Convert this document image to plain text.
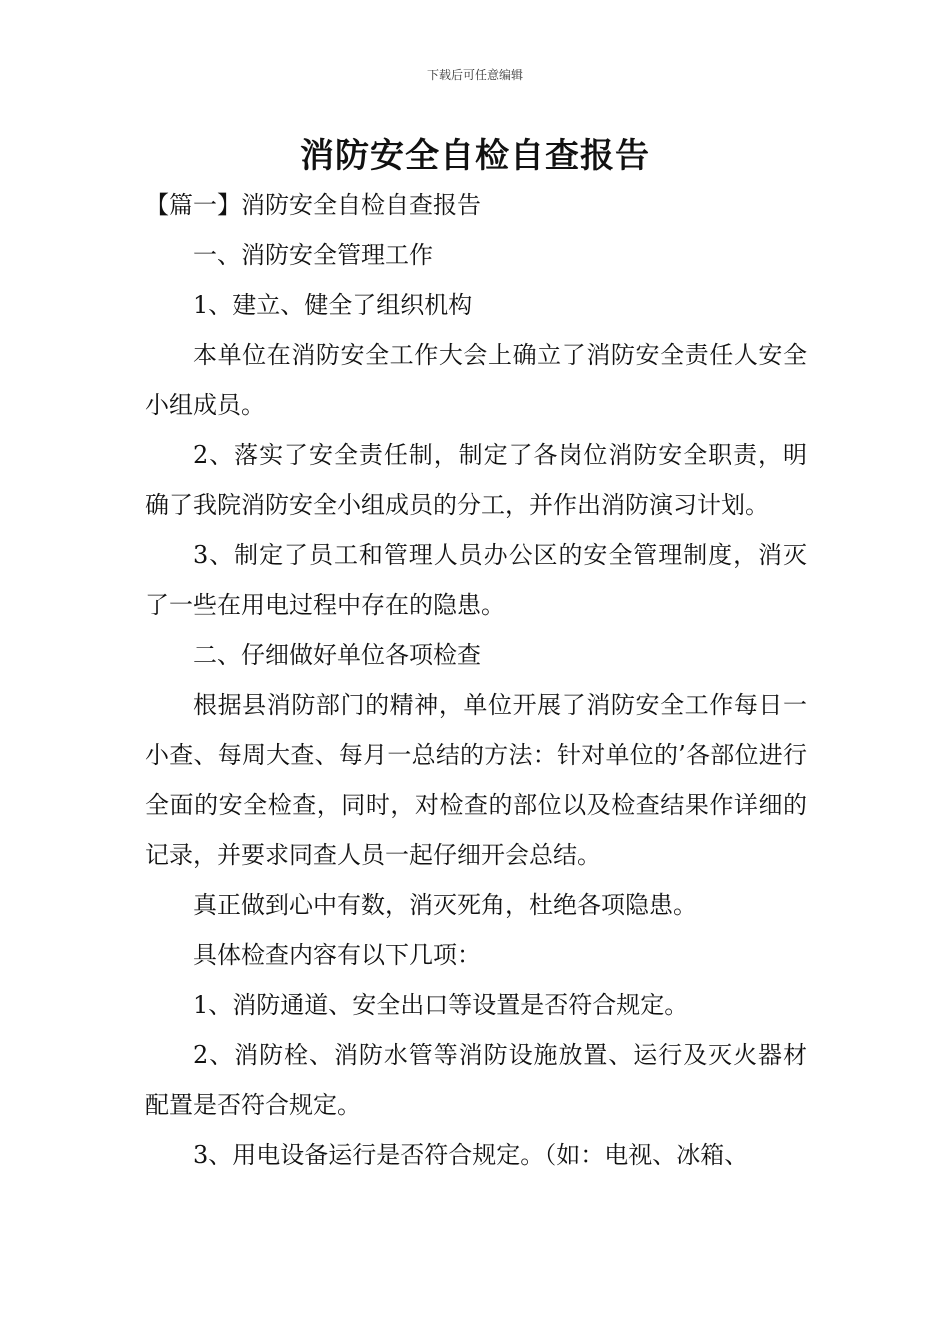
下载后可任意编辑
消防安全自检自查报告

【篇一】消防安全自检自查报告

一、消防安全管理工作

1、建立、健全了组织机构

本单位在消防安全工作大会上确立了消防安全责任人安全小组成员。

2、落实了安全责任制，制定了各岗位消防安全职责，明确了我院消防安全小组成员的分工，并作出消防演习计划。

3、制定了员工和管理人员办公区的安全管理制度，消灭了一些在用电过程中存在的隐患。

二、仔细做好单位各项检查

根据县消防部门的精神，单位开展了消防安全工作每日一小查、每周大查、每月一总结的方法：针对单位的’各部位进行全面的安全检查，同时，对检查的部位以及检查结果作详细的记录，并要求同查人员一起仔细开会总结。

真正做到心中有数，消灭死角，杜绝各项隐患。

具体检查内容有以下几项：

1、消防通道、安全出口等设置是否符合规定。

2、消防栓、消防水管等消防设施放置、运行及灭火器材配置是否符合规定。

3、用电设备运行是否符合规定。（如：电视、冰箱、
